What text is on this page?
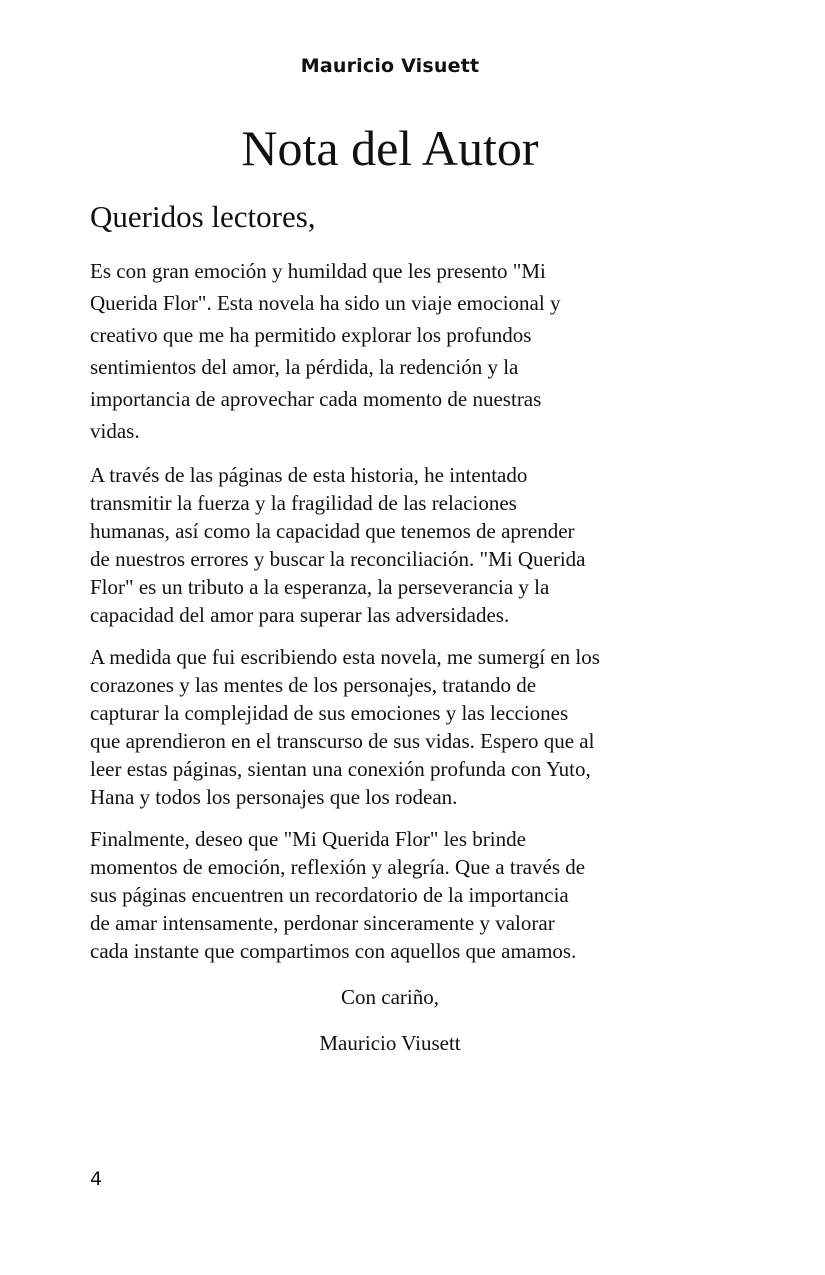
Mauricio Visuett
Nota del Autor
Queridos lectores,

Es con gran emoción y humildad que les presento "Mi
Querida Flor". Esta novela ha sido un viaje emocional y
creativo que me ha permitido explorar los profundos
sentimientos del amor, la pérdida, la redención y la
importancia de aprovechar cada momento de nuestras
vidas.

A través de las páginas de esta historia, he intentado
transmitir la fuerza y la fragilidad de las relaciones
humanas, así como la capacidad que tenemos de aprender
de nuestros errores y buscar la reconciliación. "Mi Querida
Flor" es un tributo a la esperanza, la perseverancia y la
capacidad del amor para superar las adversidades.

A medida que fui escribiendo esta novela, me sumergí en los
corazones y las mentes de los personajes, tratando de
capturar la complejidad de sus emociones y las lecciones
que aprendieron en el transcurso de sus vidas. Espero que al
leer estas páginas, sientan una conexión profunda con Yuto,
Hana y todos los personajes que los rodean.

Finalmente, deseo que "Mi Querida Flor" les brinde
momentos de emoción, reflexión y alegría. Que a través de
sus páginas encuentren un recordatorio de la importancia
de amar intensamente, perdonar sinceramente y valorar
cada instante que compartimos con aquellos que amamos.

Con cariño,

Mauricio Viusett

4
